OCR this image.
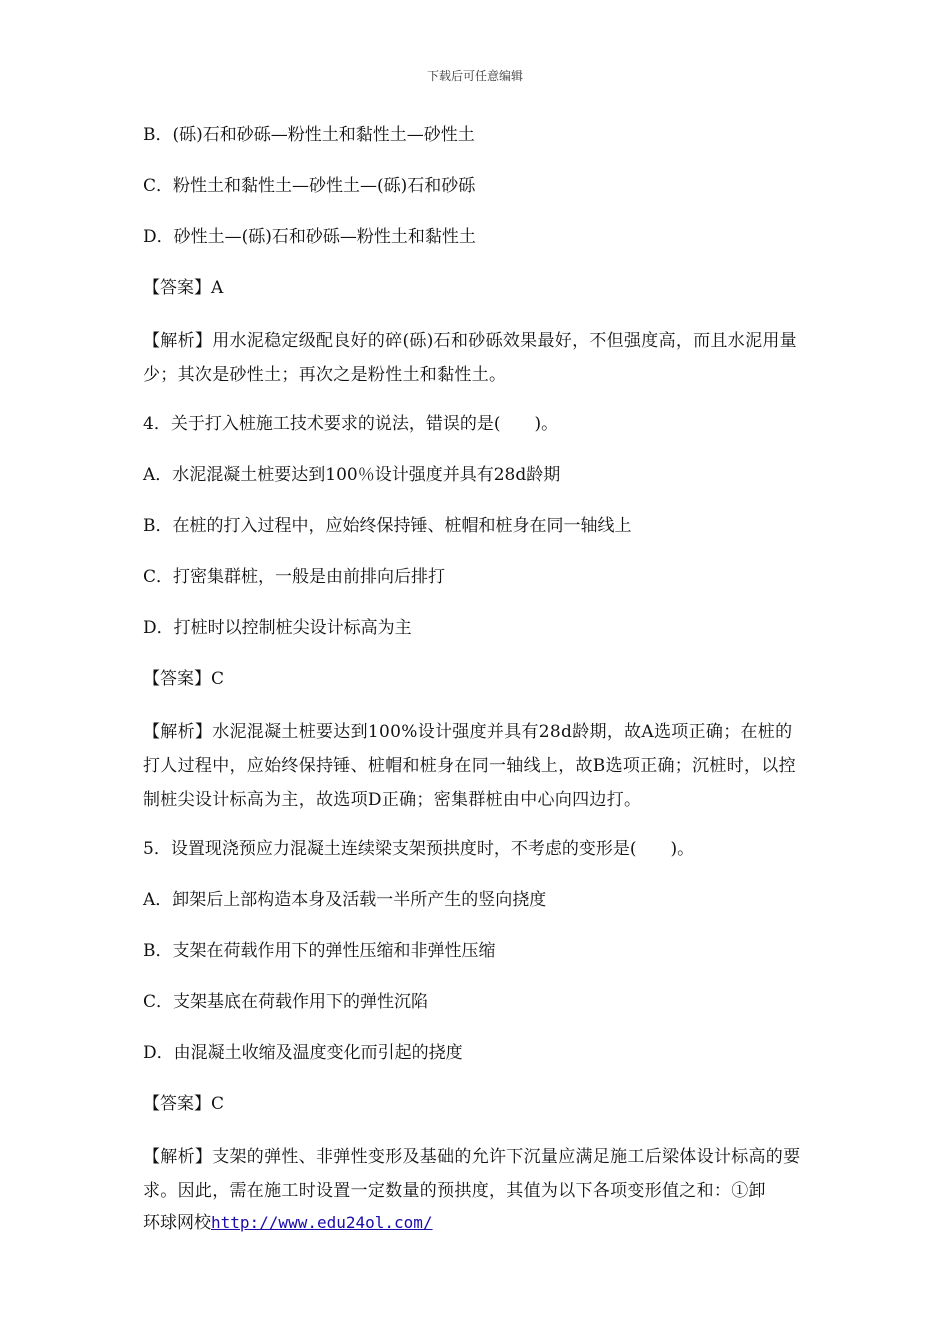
下载后可任意编辑

B．(砾)石和砂砾—粉性土和黏性土—砂性土

C．粉性土和黏性土—砂性土—(砾)石和砂砾

D．砂性土—(砾)石和砂砾—粉性土和黏性土

【答案】A

【解析】用水泥稳定级配良好的碎(砾)石和砂砾效果最好，不但强度高，而且水泥用量少；其次是砂性土；再次之是粉性土和黏性土。

4．关于打入桩施工技术要求的说法，错误的是(　　)。

A．水泥混凝土桩要达到100％设计强度并具有28d龄期

B．在桩的打入过程中，应始终保持锤、桩帽和桩身在同一轴线上

C．打密集群桩，一般是由前排向后排打

D．打桩时以控制桩尖设计标高为主

【答案】C

【解析】水泥混凝土桩要达到100%设计强度并具有28d龄期，故A选项正确；在桩的打人过程中，应始终保持锤、桩帽和桩身在同一轴线上，故B选项正确；沉桩时，以控制桩尖设计标高为主，故选项D正确；密集群桩由中心向四边打。

5．设置现浇预应力混凝土连续梁支架预拱度时，不考虑的变形是(　　)。

A．卸架后上部构造本身及活载一半所产生的竖向挠度

B．支架在荷载作用下的弹性压缩和非弹性压缩

C．支架基底在荷载作用下的弹性沉陷

D．由混凝土收缩及温度变化而引起的挠度

【答案】C

【解析】支架的弹性、非弹性变形及基础的允许下沉量应满足施工后梁体设计标高的要求。因此，需在施工时设置一定数量的预拱度，其值为以下各项变形值之和：①卸

环球网校http://www.edu24ol.com/
